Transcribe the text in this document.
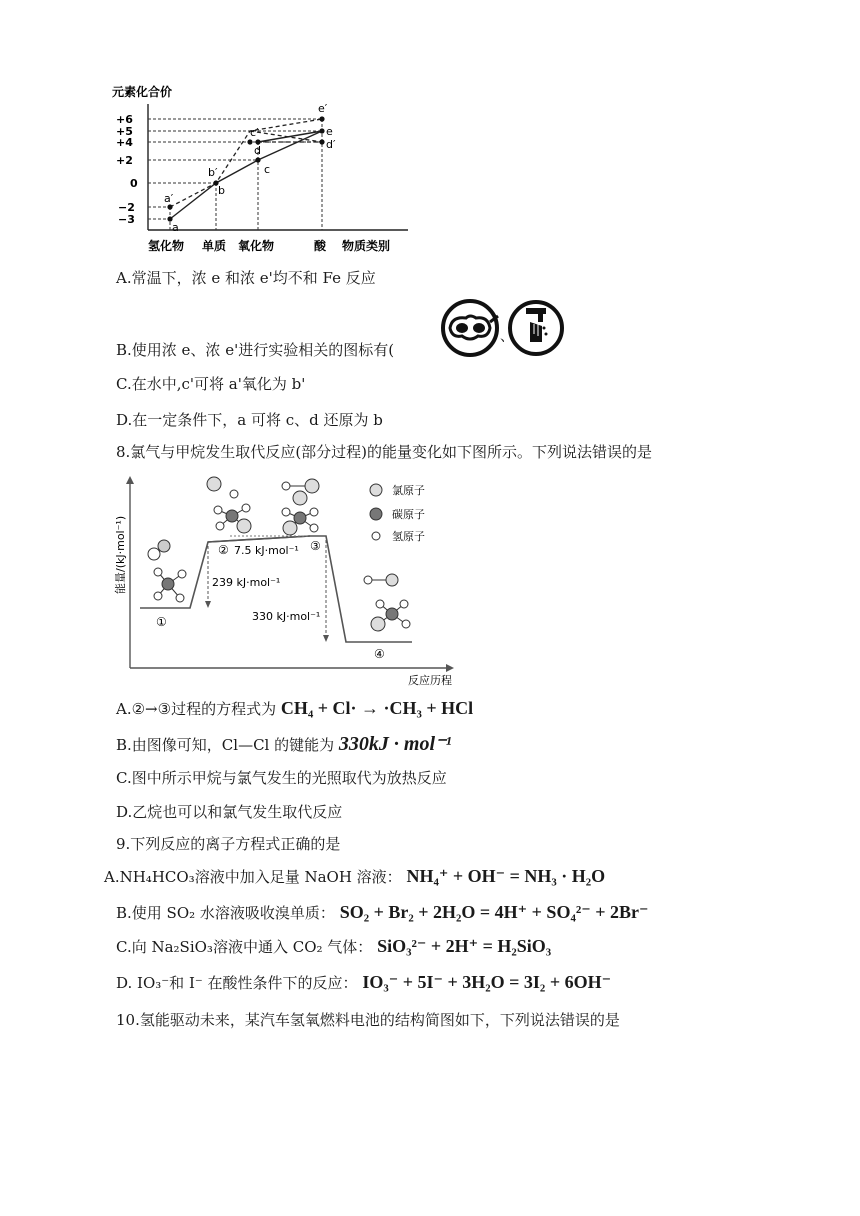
元素化合价
+6
+5
+4
+2
0
−2
−3
a′
a
b′
b
c′
d
c
e′
e
d′
氢化物 单质 氧化物	酸 物质类别
A.常温下，浓 e 和浓 e'均不和 Fe 反应
、
B.使用浓 e、浓 e'进行实验相关的图标有(
C.在水中,c'可将 a'氧化为 b'
D.在一定条件下，a 可将 c、d 还原为 b
8.氯气与甲烷发生取代反应(部分过程)的能量变化如下图所示。下列说法错误的是
能量/(kJ·mol⁻¹)
反应历程
①
② 7.5 kJ·mol⁻¹ ③
239 kJ·mol⁻¹
330 kJ·mol⁻¹
④
氯原子
碳原子
氢原子
A.②→③过程的方程式为 CH₄ + Cl· → ·CH₃ + HCl
B.由图像可知，Cl—Cl 的键能为 330kJ · mol⁻¹
C.图中所示甲烷与氯气发生的光照取代为放热反应
D.乙烷也可以和氯气发生取代反应
9.下列反应的离子方程式正确的是
A.NH₄HCO₃溶液中加入足量 NaOH 溶液： NH₄⁺ + OH⁻ = NH₃ · H₂O
B.使用 SO₂ 水溶液吸收溴单质： SO₂ + Br₂ + 2H₂O = 4H⁺ + SO₄²⁻ + 2Br⁻
C.向 Na₂SiO₃溶液中通入 CO₂ 气体： SiO₃²⁻ + 2H⁺ = H₂SiO₃
D. IO₃⁻和 I⁻ 在酸性条件下的反应： IO₃⁻ + 5I⁻ + 3H₂O = 3I₂ + 6OH⁻
10.氢能驱动未来，某汽车氢氧燃料电池的结构简图如下，下列说法错误的是
